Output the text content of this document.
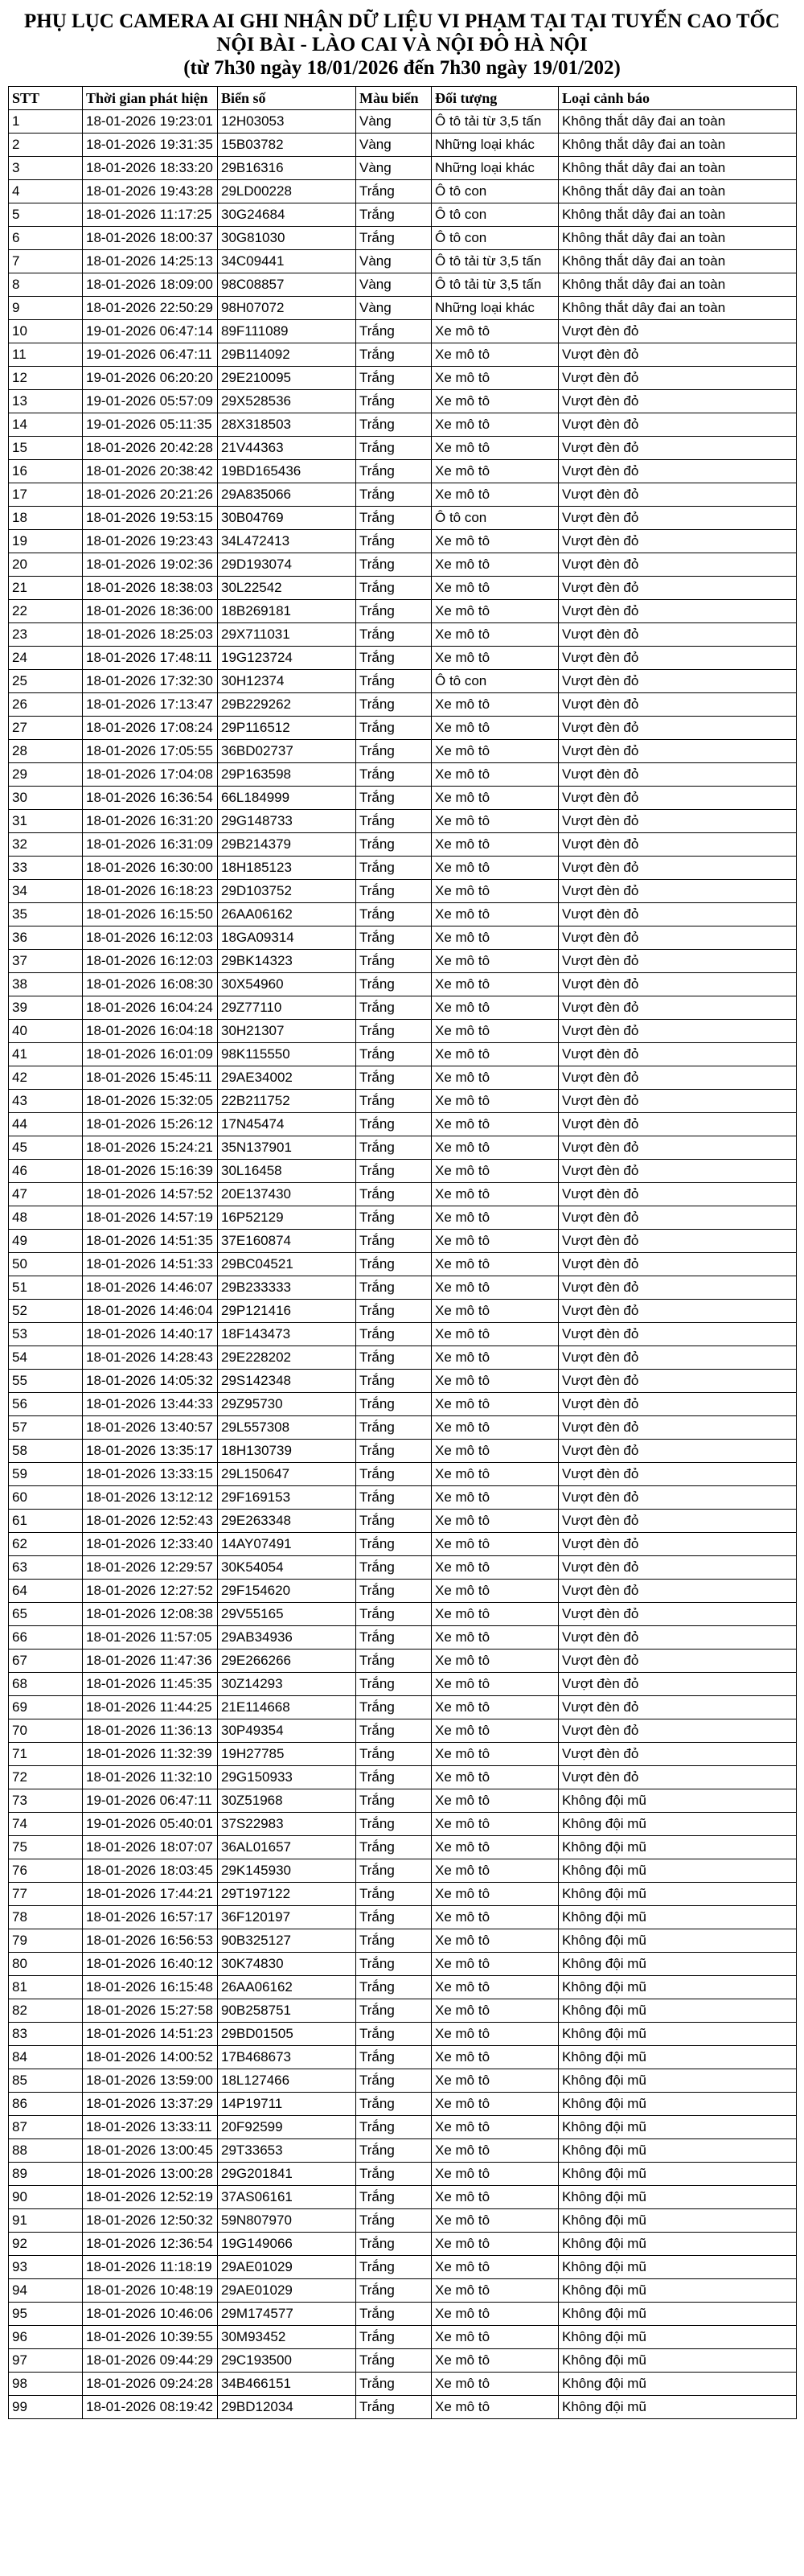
PHỤ LỤC CAMERA AI GHI NHẬN DỮ LIỆU VI PHẠM TẠI TẠI TUYẾN CAO TỐC
NỘI BÀI - LÀO CAI VÀ NỘI ĐÔ HÀ NỘI
(từ 7h30 ngày 18/01/2026 đến 7h30 ngày 19/01/202)
STT	Thời gian phát hiện	Biển số	Màu biển	Đối tượng	Loại cảnh báo
1	18-01-2026 19:23:01	12H03053	Vàng	Ô tô tải từ 3,5 tấn	Không thắt dây đai an toàn
2	18-01-2026 19:31:35	15B03782	Vàng	Những loại khác	Không thắt dây đai an toàn
3	18-01-2026 18:33:20	29B16316	Vàng	Những loại khác	Không thắt dây đai an toàn
4	18-01-2026 19:43:28	29LD00228	Trắng	Ô tô con	Không thắt dây đai an toàn
5	18-01-2026 11:17:25	30G24684	Trắng	Ô tô con	Không thắt dây đai an toàn
6	18-01-2026 18:00:37	30G81030	Trắng	Ô tô con	Không thắt dây đai an toàn
7	18-01-2026 14:25:13	34C09441	Vàng	Ô tô tải từ 3,5 tấn	Không thắt dây đai an toàn
8	18-01-2026 18:09:00	98C08857	Vàng	Ô tô tải từ 3,5 tấn	Không thắt dây đai an toàn
9	18-01-2026 22:50:29	98H07072	Vàng	Những loại khác	Không thắt dây đai an toàn
10	19-01-2026 06:47:14	89F111089	Trắng	Xe mô tô	Vượt đèn đỏ
11	19-01-2026 06:47:11	29B114092	Trắng	Xe mô tô	Vượt đèn đỏ
12	19-01-2026 06:20:20	29E210095	Trắng	Xe mô tô	Vượt đèn đỏ
13	19-01-2026 05:57:09	29X528536	Trắng	Xe mô tô	Vượt đèn đỏ
14	19-01-2026 05:11:35	28X318503	Trắng	Xe mô tô	Vượt đèn đỏ
15	18-01-2026 20:42:28	21V44363	Trắng	Xe mô tô	Vượt đèn đỏ
16	18-01-2026 20:38:42	19BD165436	Trắng	Xe mô tô	Vượt đèn đỏ
17	18-01-2026 20:21:26	29A835066	Trắng	Xe mô tô	Vượt đèn đỏ
18	18-01-2026 19:53:15	30B04769	Trắng	Ô tô con	Vượt đèn đỏ
19	18-01-2026 19:23:43	34L472413	Trắng	Xe mô tô	Vượt đèn đỏ
20	18-01-2026 19:02:36	29D193074	Trắng	Xe mô tô	Vượt đèn đỏ
21	18-01-2026 18:38:03	30L22542	Trắng	Xe mô tô	Vượt đèn đỏ
22	18-01-2026 18:36:00	18B269181	Trắng	Xe mô tô	Vượt đèn đỏ
23	18-01-2026 18:25:03	29X711031	Trắng	Xe mô tô	Vượt đèn đỏ
24	18-01-2026 17:48:11	19G123724	Trắng	Xe mô tô	Vượt đèn đỏ
25	18-01-2026 17:32:30	30H12374	Trắng	Ô tô con	Vượt đèn đỏ
26	18-01-2026 17:13:47	29B229262	Trắng	Xe mô tô	Vượt đèn đỏ
27	18-01-2026 17:08:24	29P116512	Trắng	Xe mô tô	Vượt đèn đỏ
28	18-01-2026 17:05:55	36BD02737	Trắng	Xe mô tô	Vượt đèn đỏ
29	18-01-2026 17:04:08	29P163598	Trắng	Xe mô tô	Vượt đèn đỏ
30	18-01-2026 16:36:54	66L184999	Trắng	Xe mô tô	Vượt đèn đỏ
31	18-01-2026 16:31:20	29G148733	Trắng	Xe mô tô	Vượt đèn đỏ
32	18-01-2026 16:31:09	29B214379	Trắng	Xe mô tô	Vượt đèn đỏ
33	18-01-2026 16:30:00	18H185123	Trắng	Xe mô tô	Vượt đèn đỏ
34	18-01-2026 16:18:23	29D103752	Trắng	Xe mô tô	Vượt đèn đỏ
35	18-01-2026 16:15:50	26AA06162	Trắng	Xe mô tô	Vượt đèn đỏ
36	18-01-2026 16:12:03	18GA09314	Trắng	Xe mô tô	Vượt đèn đỏ
37	18-01-2026 16:12:03	29BK14323	Trắng	Xe mô tô	Vượt đèn đỏ
38	18-01-2026 16:08:30	30X54960	Trắng	Xe mô tô	Vượt đèn đỏ
39	18-01-2026 16:04:24	29Z77110	Trắng	Xe mô tô	Vượt đèn đỏ
40	18-01-2026 16:04:18	30H21307	Trắng	Xe mô tô	Vượt đèn đỏ
41	18-01-2026 16:01:09	98K115550	Trắng	Xe mô tô	Vượt đèn đỏ
42	18-01-2026 15:45:11	29AE34002	Trắng	Xe mô tô	Vượt đèn đỏ
43	18-01-2026 15:32:05	22B211752	Trắng	Xe mô tô	Vượt đèn đỏ
44	18-01-2026 15:26:12	17N45474	Trắng	Xe mô tô	Vượt đèn đỏ
45	18-01-2026 15:24:21	35N137901	Trắng	Xe mô tô	Vượt đèn đỏ
46	18-01-2026 15:16:39	30L16458	Trắng	Xe mô tô	Vượt đèn đỏ
47	18-01-2026 14:57:52	20E137430	Trắng	Xe mô tô	Vượt đèn đỏ
48	18-01-2026 14:57:19	16P52129	Trắng	Xe mô tô	Vượt đèn đỏ
49	18-01-2026 14:51:35	37E160874	Trắng	Xe mô tô	Vượt đèn đỏ
50	18-01-2026 14:51:33	29BC04521	Trắng	Xe mô tô	Vượt đèn đỏ
51	18-01-2026 14:46:07	29B233333	Trắng	Xe mô tô	Vượt đèn đỏ
52	18-01-2026 14:46:04	29P121416	Trắng	Xe mô tô	Vượt đèn đỏ
53	18-01-2026 14:40:17	18F143473	Trắng	Xe mô tô	Vượt đèn đỏ
54	18-01-2026 14:28:43	29E228202	Trắng	Xe mô tô	Vượt đèn đỏ
55	18-01-2026 14:05:32	29S142348	Trắng	Xe mô tô	Vượt đèn đỏ
56	18-01-2026 13:44:33	29Z95730	Trắng	Xe mô tô	Vượt đèn đỏ
57	18-01-2026 13:40:57	29L557308	Trắng	Xe mô tô	Vượt đèn đỏ
58	18-01-2026 13:35:17	18H130739	Trắng	Xe mô tô	Vượt đèn đỏ
59	18-01-2026 13:33:15	29L150647	Trắng	Xe mô tô	Vượt đèn đỏ
60	18-01-2026 13:12:12	29F169153	Trắng	Xe mô tô	Vượt đèn đỏ
61	18-01-2026 12:52:43	29E263348	Trắng	Xe mô tô	Vượt đèn đỏ
62	18-01-2026 12:33:40	14AY07491	Trắng	Xe mô tô	Vượt đèn đỏ
63	18-01-2026 12:29:57	30K54054	Trắng	Xe mô tô	Vượt đèn đỏ
64	18-01-2026 12:27:52	29F154620	Trắng	Xe mô tô	Vượt đèn đỏ
65	18-01-2026 12:08:38	29V55165	Trắng	Xe mô tô	Vượt đèn đỏ
66	18-01-2026 11:57:05	29AB34936	Trắng	Xe mô tô	Vượt đèn đỏ
67	18-01-2026 11:47:36	29E266266	Trắng	Xe mô tô	Vượt đèn đỏ
68	18-01-2026 11:45:35	30Z14293	Trắng	Xe mô tô	Vượt đèn đỏ
69	18-01-2026 11:44:25	21E114668	Trắng	Xe mô tô	Vượt đèn đỏ
70	18-01-2026 11:36:13	30P49354	Trắng	Xe mô tô	Vượt đèn đỏ
71	18-01-2026 11:32:39	19H27785	Trắng	Xe mô tô	Vượt đèn đỏ
72	18-01-2026 11:32:10	29G150933	Trắng	Xe mô tô	Vượt đèn đỏ
73	19-01-2026 06:47:11	30Z51968	Trắng	Xe mô tô	Không đội mũ
74	19-01-2026 05:40:01	37S22983	Trắng	Xe mô tô	Không đội mũ
75	18-01-2026 18:07:07	36AL01657	Trắng	Xe mô tô	Không đội mũ
76	18-01-2026 18:03:45	29K145930	Trắng	Xe mô tô	Không đội mũ
77	18-01-2026 17:44:21	29T197122	Trắng	Xe mô tô	Không đội mũ
78	18-01-2026 16:57:17	36F120197	Trắng	Xe mô tô	Không đội mũ
79	18-01-2026 16:56:53	90B325127	Trắng	Xe mô tô	Không đội mũ
80	18-01-2026 16:40:12	30K74830	Trắng	Xe mô tô	Không đội mũ
81	18-01-2026 16:15:48	26AA06162	Trắng	Xe mô tô	Không đội mũ
82	18-01-2026 15:27:58	90B258751	Trắng	Xe mô tô	Không đội mũ
83	18-01-2026 14:51:23	29BD01505	Trắng	Xe mô tô	Không đội mũ
84	18-01-2026 14:00:52	17B468673	Trắng	Xe mô tô	Không đội mũ
85	18-01-2026 13:59:00	18L127466	Trắng	Xe mô tô	Không đội mũ
86	18-01-2026 13:37:29	14P19711	Trắng	Xe mô tô	Không đội mũ
87	18-01-2026 13:33:11	20F92599	Trắng	Xe mô tô	Không đội mũ
88	18-01-2026 13:00:45	29T33653	Trắng	Xe mô tô	Không đội mũ
89	18-01-2026 13:00:28	29G201841	Trắng	Xe mô tô	Không đội mũ
90	18-01-2026 12:52:19	37AS06161	Trắng	Xe mô tô	Không đội mũ
91	18-01-2026 12:50:32	59N807970	Trắng	Xe mô tô	Không đội mũ
92	18-01-2026 12:36:54	19G149066	Trắng	Xe mô tô	Không đội mũ
93	18-01-2026 11:18:19	29AE01029	Trắng	Xe mô tô	Không đội mũ
94	18-01-2026 10:48:19	29AE01029	Trắng	Xe mô tô	Không đội mũ
95	18-01-2026 10:46:06	29M174577	Trắng	Xe mô tô	Không đội mũ
96	18-01-2026 10:39:55	30M93452	Trắng	Xe mô tô	Không đội mũ
97	18-01-2026 09:44:29	29C193500	Trắng	Xe mô tô	Không đội mũ
98	18-01-2026 09:24:28	34B466151	Trắng	Xe mô tô	Không đội mũ
99	18-01-2026 08:19:42	29BD12034	Trắng	Xe mô tô	Không đội mũ
